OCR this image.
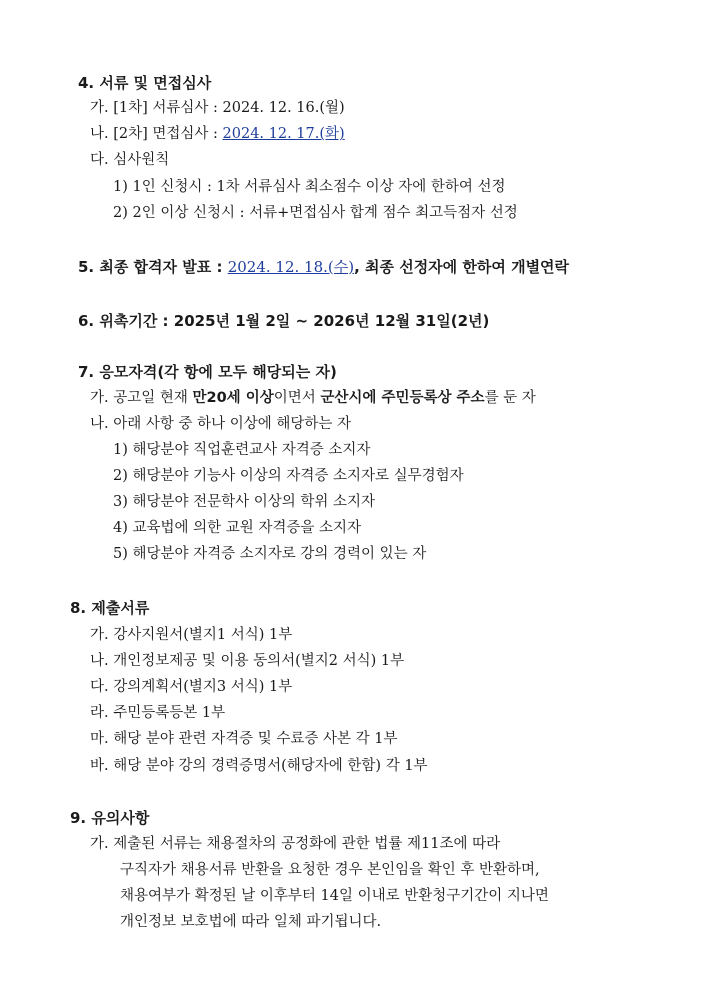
4. 서류 및 면접심사
가. [1차] 서류심사 : 2024. 12. 16.(월)
나. [2차] 면접심사 : 2024. 12. 17.(화)
다. 심사원칙
1) 1인 신청시 : 1차 서류심사 최소점수 이상 자에 한하여 선정
2) 2인 이상 신청시 : 서류+면접심사 합계 점수 최고득점자 선정
5. 최종 합격자 발표 : 2024. 12. 18.(수), 최종 선정자에 한하여 개별연락
6. 위촉기간 : 2025년 1월 2일 ~ 2026년 12월 31일(2년)
7. 응모자격(각 항에 모두 해당되는 자)
가. 공고일 현재 만20세 이상이면서 군산시에 주민등록상 주소를 둔 자
나. 아래 사항 중 하나 이상에 해당하는 자
1) 해당분야 직업훈련교사 자격증 소지자
2) 해당분야 기능사 이상의 자격증 소지자로 실무경험자
3) 해당분야 전문학사 이상의 학위 소지자
4) 교육법에 의한 교원 자격증을 소지자
5) 해당분야 자격증 소지자로 강의 경력이 있는 자
8. 제출서류
가. 강사지원서(별지1 서식) 1부
나. 개인정보제공 및 이용 동의서(별지2 서식) 1부
다. 강의계획서(별지3 서식) 1부
라. 주민등록등본 1부
마. 해당 분야 관련 자격증 및 수료증 사본 각 1부
바. 해당 분야 강의 경력증명서(해당자에 한함) 각 1부
9. 유의사항
가. 제출된 서류는 채용절차의 공정화에 관한 법률 제11조에 따라
구직자가 채용서류 반환을 요청한 경우 본인임을 확인 후 반환하며,
채용여부가 확정된 날 이후부터 14일 이내로 반환청구기간이 지나면
개인정보 보호법에 따라 일체 파기됩니다.
